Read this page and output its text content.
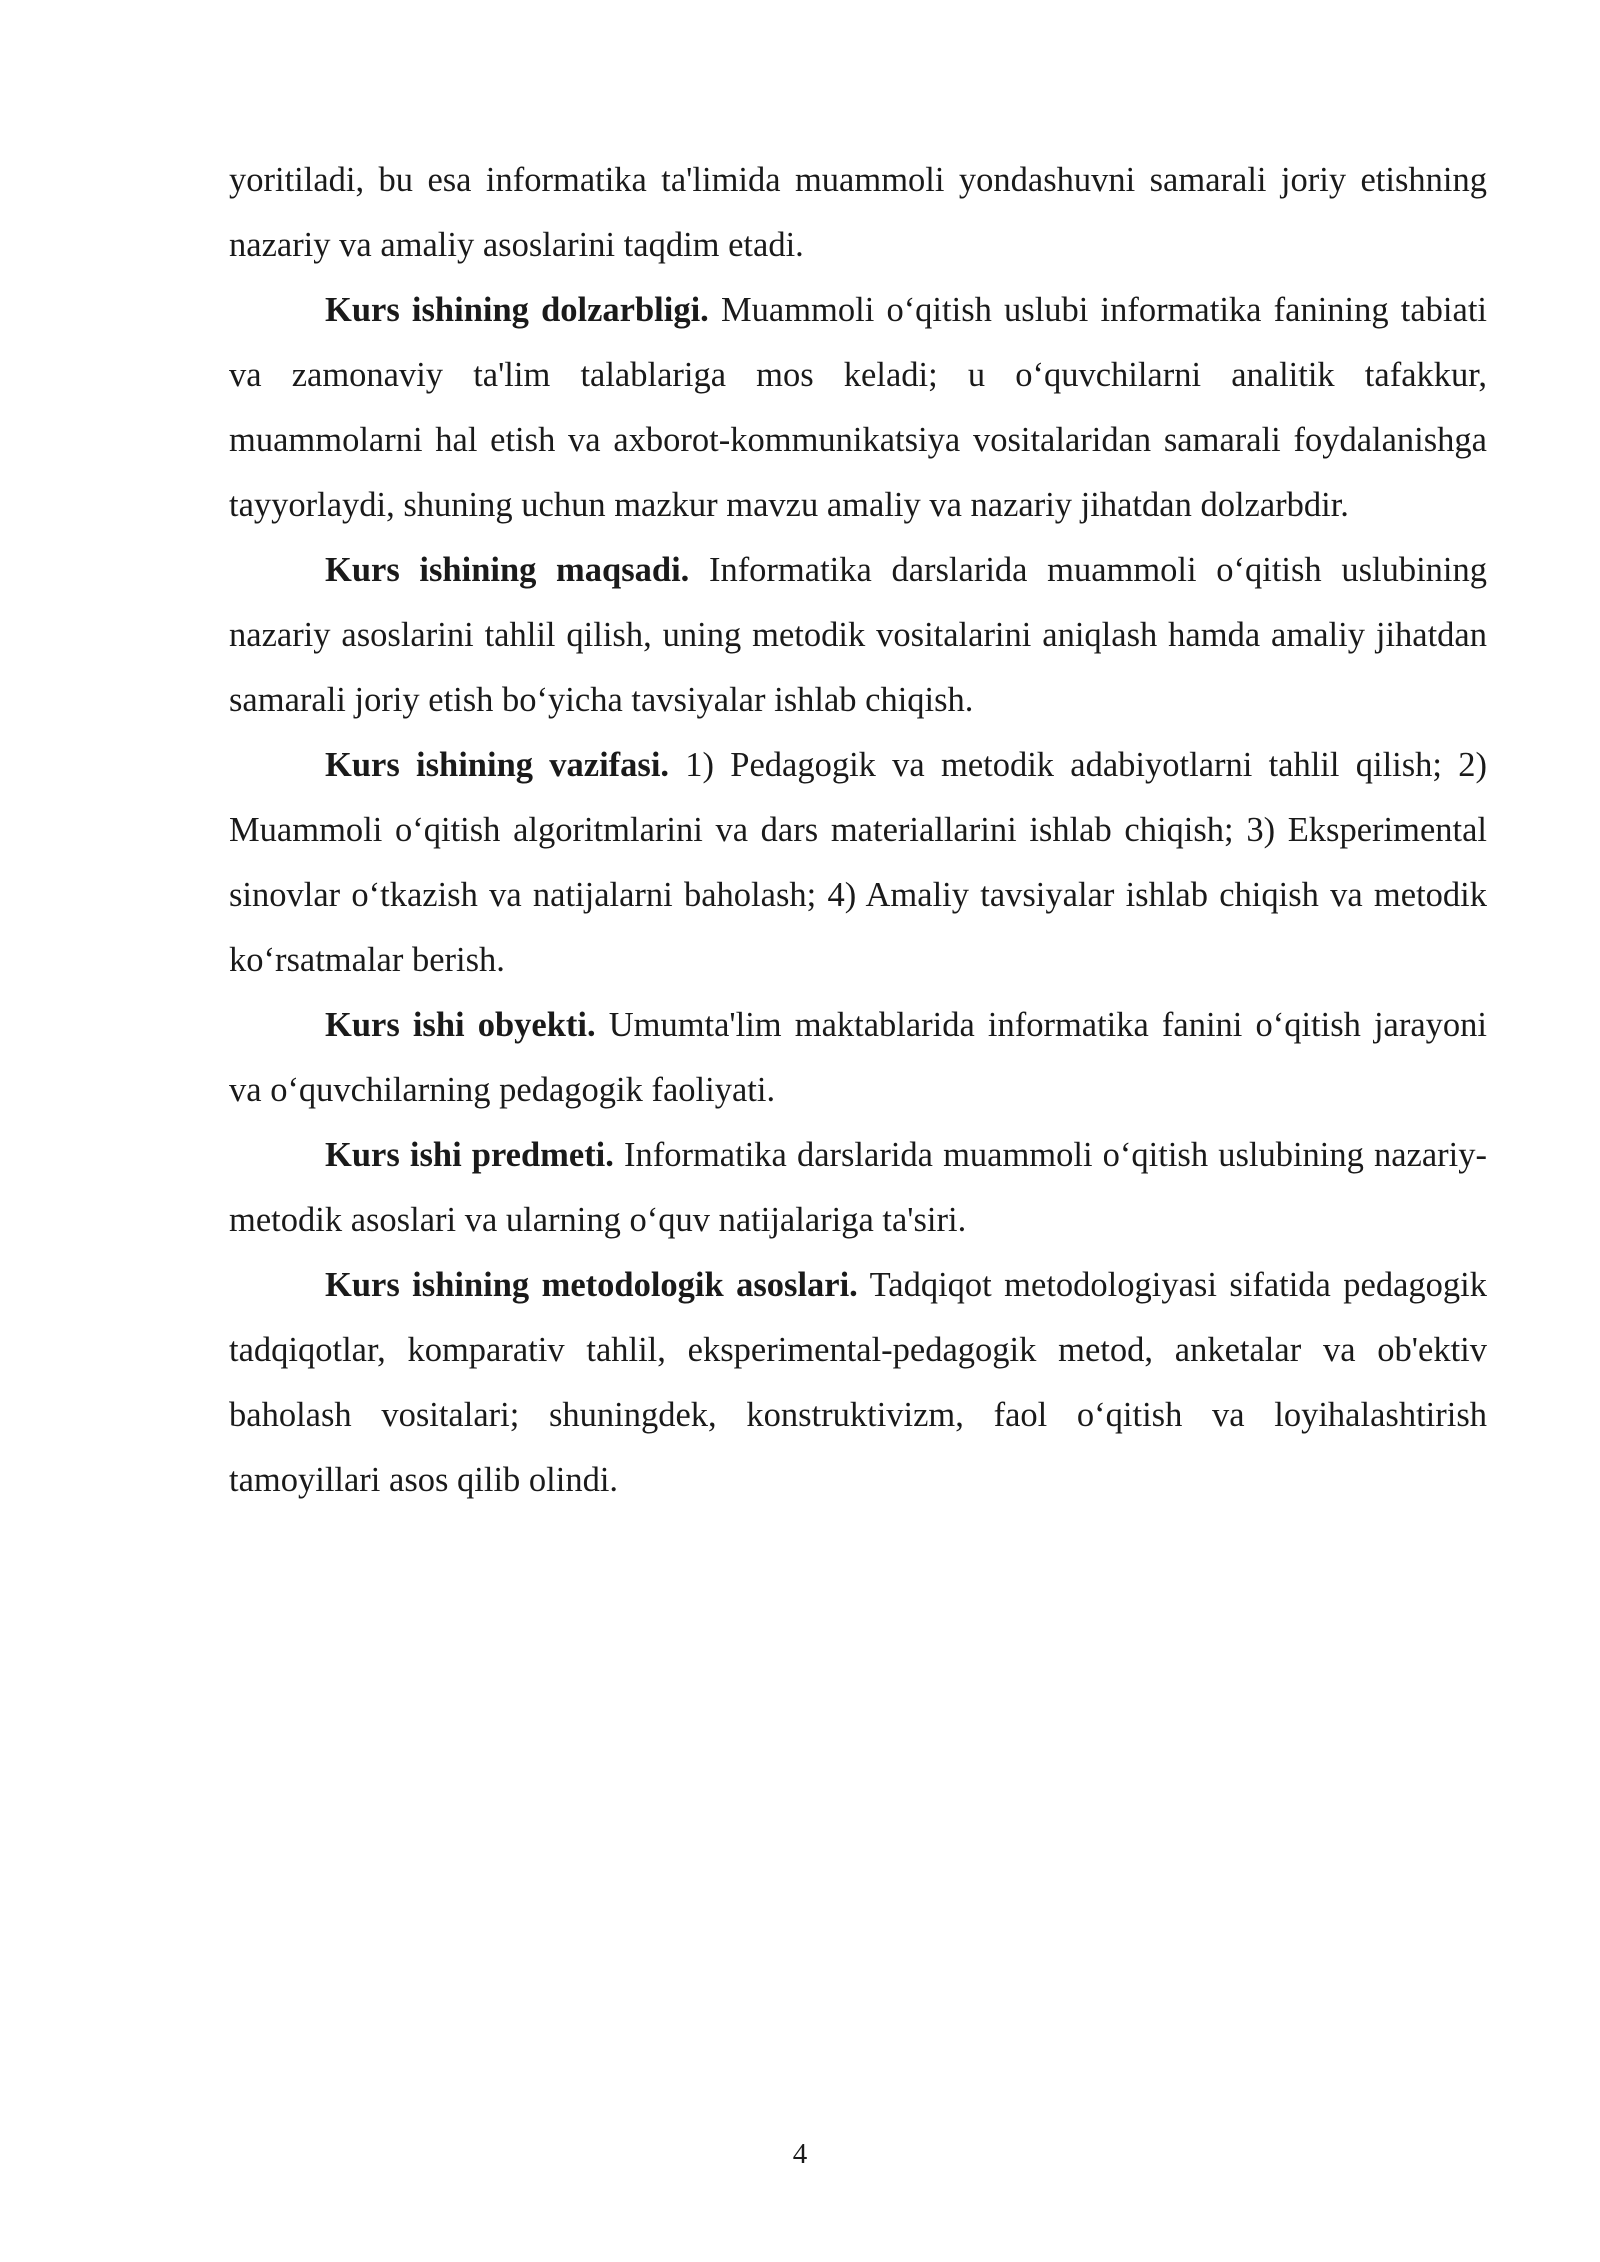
yoritiladi, bu esa informatika ta'limida muammoli yondashuvni samarali joriy etishning nazariy va amaliy asoslarini taqdim etadi.

Kurs ishining dolzarbligi. Muammoli o‘qitish uslubi informatika fanining tabiati va zamonaviy ta'lim talablariga mos keladi; u o‘quvchilarni analitik tafakkur, muammolarni hal etish va axborot-kommunikatsiya vositalaridan samarali foydalanishga tayyorlaydi, shuning uchun mazkur mavzu amaliy va nazariy jihatdan dolzarbdir.

Kurs ishining maqsadi. Informatika darslarida muammoli o‘qitish uslubining nazariy asoslarini tahlil qilish, uning metodik vositalarini aniqlash hamda amaliy jihatdan samarali joriy etish bo‘yicha tavsiyalar ishlab chiqish.

Kurs ishining vazifasi. 1) Pedagogik va metodik adabiyotlarni tahlil qilish; 2) Muammoli o‘qitish algoritmlarini va dars materiallarini ishlab chiqish; 3) Eksperimental sinovlar o‘tkazish va natijalarni baholash; 4) Amaliy tavsiyalar ishlab chiqish va metodik ko‘rsatmalar berish.

Kurs ishi obyekti. Umumta'lim maktablarida informatika fanini o‘qitish jarayoni va o‘quvchilarning pedagogik faoliyati.

Kurs ishi predmeti. Informatika darslarida muammoli o‘qitish uslubining nazariy-metodik asoslari va ularning o‘quv natijalariga ta'siri.

Kurs ishining metodologik asoslari. Tadqiqot metodologiyasi sifatida pedagogik tadqiqotlar, komparativ tahlil, eksperimental-pedagogik metod, anketalar va ob'ektiv baholash vositalari; shuningdek, konstruktivizm, faol o‘qitish va loyihalashtirish tamoyillari asos qilib olindi.

4
